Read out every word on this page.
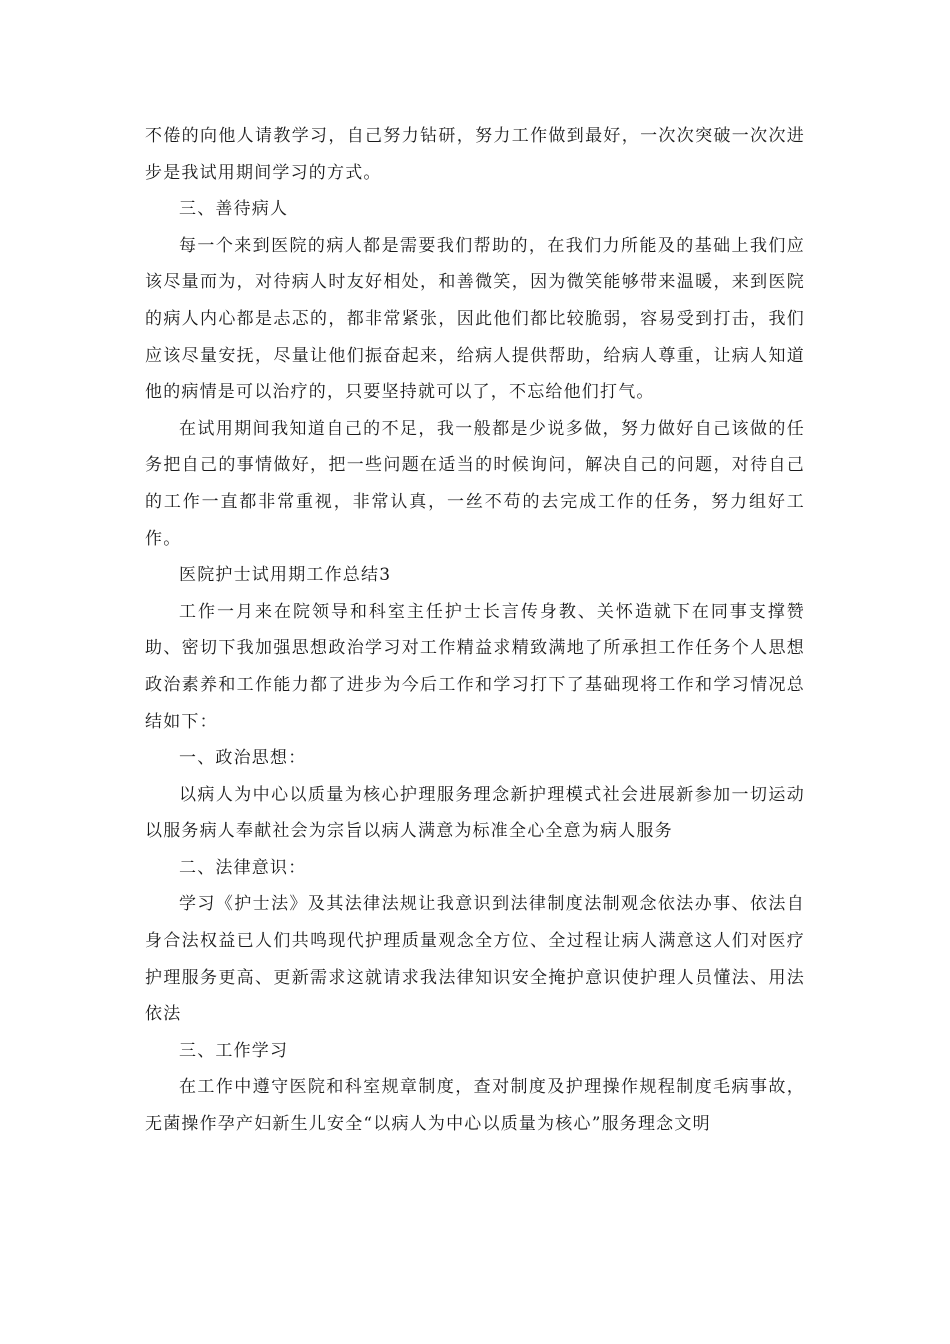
不倦的向他人请教学习，自己努力钻研，努力工作做到最好，一次次突破一次次进步是我试用期间学习的方式。

三、善待病人

每一个来到医院的病人都是需要我们帮助的，在我们力所能及的基础上我们应该尽量而为，对待病人时友好相处，和善微笑，因为微笑能够带来温暖，来到医院的病人内心都是忐忑的，都非常紧张，因此他们都比较脆弱，容易受到打击，我们应该尽量安抚，尽量让他们振奋起来，给病人提供帮助，给病人尊重，让病人知道他的病情是可以治疗的，只要坚持就可以了，不忘给他们打气。

在试用期间我知道自己的不足，我一般都是少说多做，努力做好自己该做的任务把自己的事情做好，把一些问题在适当的时候询问，解决自己的问题，对待自己的工作一直都非常重视，非常认真，一丝不苟的去完成工作的任务，努力组好工作。

医院护士试用期工作总结3

工作一月来在院领导和科室主任护士长言传身教、关怀造就下在同事支撑赞助、密切下我加强思想政治学习对工作精益求精致满地了所承担工作任务个人思想政治素养和工作能力都了进步为今后工作和学习打下了基础现将工作和学习情况总结如下：

一、政治思想：

以病人为中心以质量为核心护理服务理念新护理模式社会进展新参加一切运动以服务病人奉献社会为宗旨以病人满意为标准全心全意为病人服务

二、法律意识：

学习《护士法》及其法律法规让我意识到法律制度法制观念依法办事、依法自身合法权益已人们共鸣现代护理质量观念全方位、全过程让病人满意这人们对医疗护理服务更高、更新需求这就请求我法律知识安全掩护意识使护理人员懂法、用法依法

三、工作学习

在工作中遵守医院和科室规章制度，查对制度及护理操作规程制度毛病事故，无菌操作孕产妇新生儿安全“以病人为中心以质量为核心”服务理念文明
